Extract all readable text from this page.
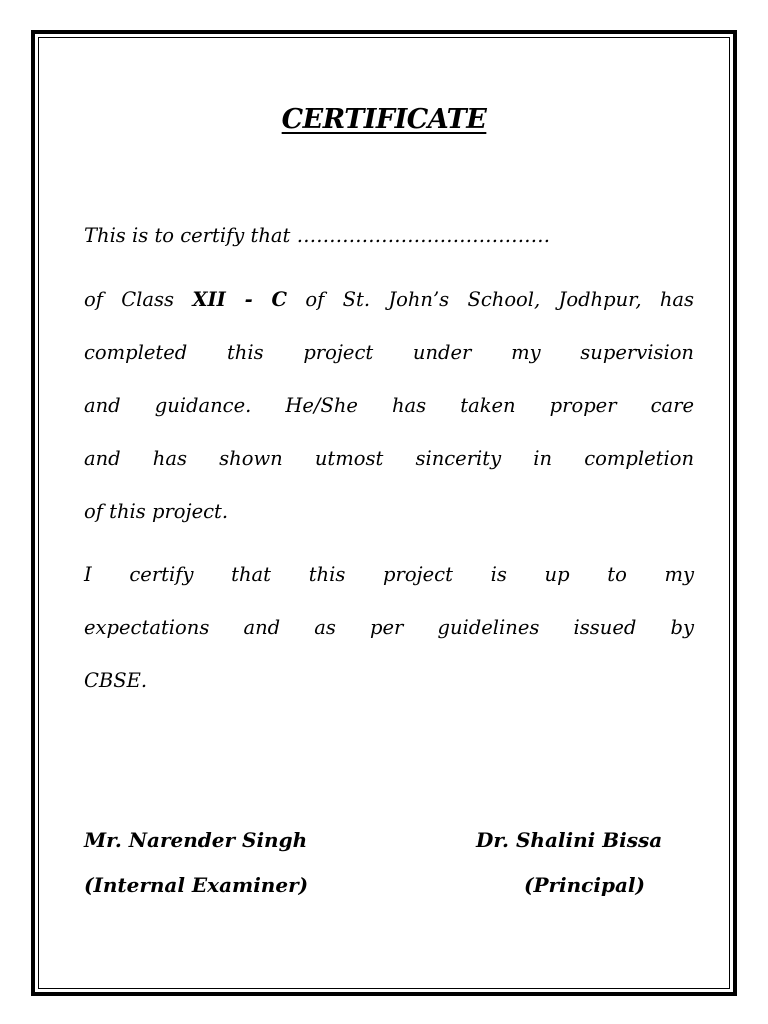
CERTIFICATE

This is to certify that …………………………………

of Class XII - C of St. John’s School, Jodhpur, has

completed this project under my supervision

and guidance. He/She has taken proper care

and has shown utmost sincerity in completion

of this project.

I certify that this project is up to my

expectations and as per guidelines issued by

CBSE.

Mr. Narender Singh

(Internal Examiner)

Dr. Shalini Bissa

(Principal)
